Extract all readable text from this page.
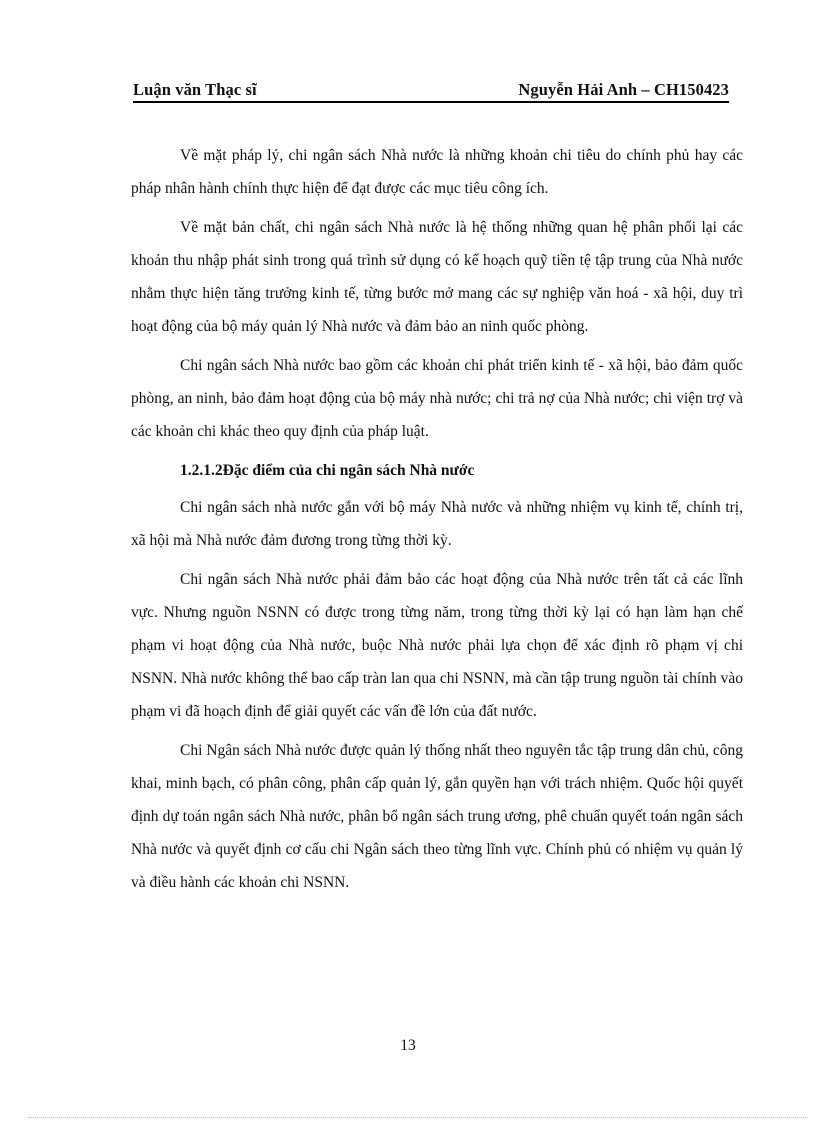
Luận văn Thạc sĩ	Nguyễn Hải Anh – CH150423

Về mặt pháp lý, chi ngân sách Nhà nước là những khoản chi tiêu do chính phủ hay các pháp nhân hành chính thực hiện để đạt được các mục tiêu công ích.

Về mặt bản chất, chi ngân sách Nhà nước là hệ thống những quan hệ phân phối lại các khoản thu nhập phát sinh trong quá trình sử dụng có kế hoạch quỹ tiền tệ tập trung của Nhà nước nhằm thực hiện tăng trưởng kinh tế, từng bước mở mang các sự nghiệp văn hoá - xã hội, duy trì hoạt động của bộ máy quản lý Nhà nước và đảm bảo an ninh quốc phòng.

Chi ngân sách Nhà nước bao gồm các khoản chi phát triển kinh tế - xã hội, bảo đảm quốc phòng, an ninh, bảo đảm hoạt động của bộ máy nhà nước; chi trả nợ của Nhà nước; chi viện trợ và các khoản chi khác theo quy định của pháp luật.

1.2.1.2Đặc điểm của chi ngân sách Nhà nước

Chi ngân sách nhà nước gắn với bộ máy Nhà nước và những nhiệm vụ kinh tế, chính trị, xã hội mà Nhà nước đảm đương trong từng thời kỳ.

Chi ngân sách Nhà nước phải đảm bảo các hoạt động của Nhà nước trên tất cả các lĩnh vực. Nhưng nguồn NSNN có được trong từng năm, trong từng thời kỳ lại có hạn làm hạn chế phạm vi hoạt động của Nhà nước, buộc Nhà nước phải lựa chọn để xác định rõ phạm vị chi NSNN. Nhà nước không thể bao cấp tràn lan qua chi NSNN, mà cần tập trung nguồn tài chính vào phạm vi đã hoạch định để giải quyết các vấn đề lớn của đất nước.

Chi Ngân sách Nhà nước được quản lý thống nhất theo nguyên tắc tập trung dân chủ, công khai, minh bạch, có phân công, phân cấp quản lý, gắn quyền hạn với trách nhiệm. Quốc hội quyết định dự toán ngân sách Nhà nước, phân bổ ngân sách trung ương, phê chuẩn quyết toán ngân sách Nhà nước và quyết định cơ cấu chi Ngân sách theo từng lĩnh vực. Chính phủ có nhiệm vụ quản lý và điều hành các khoản chi NSNN.

13
